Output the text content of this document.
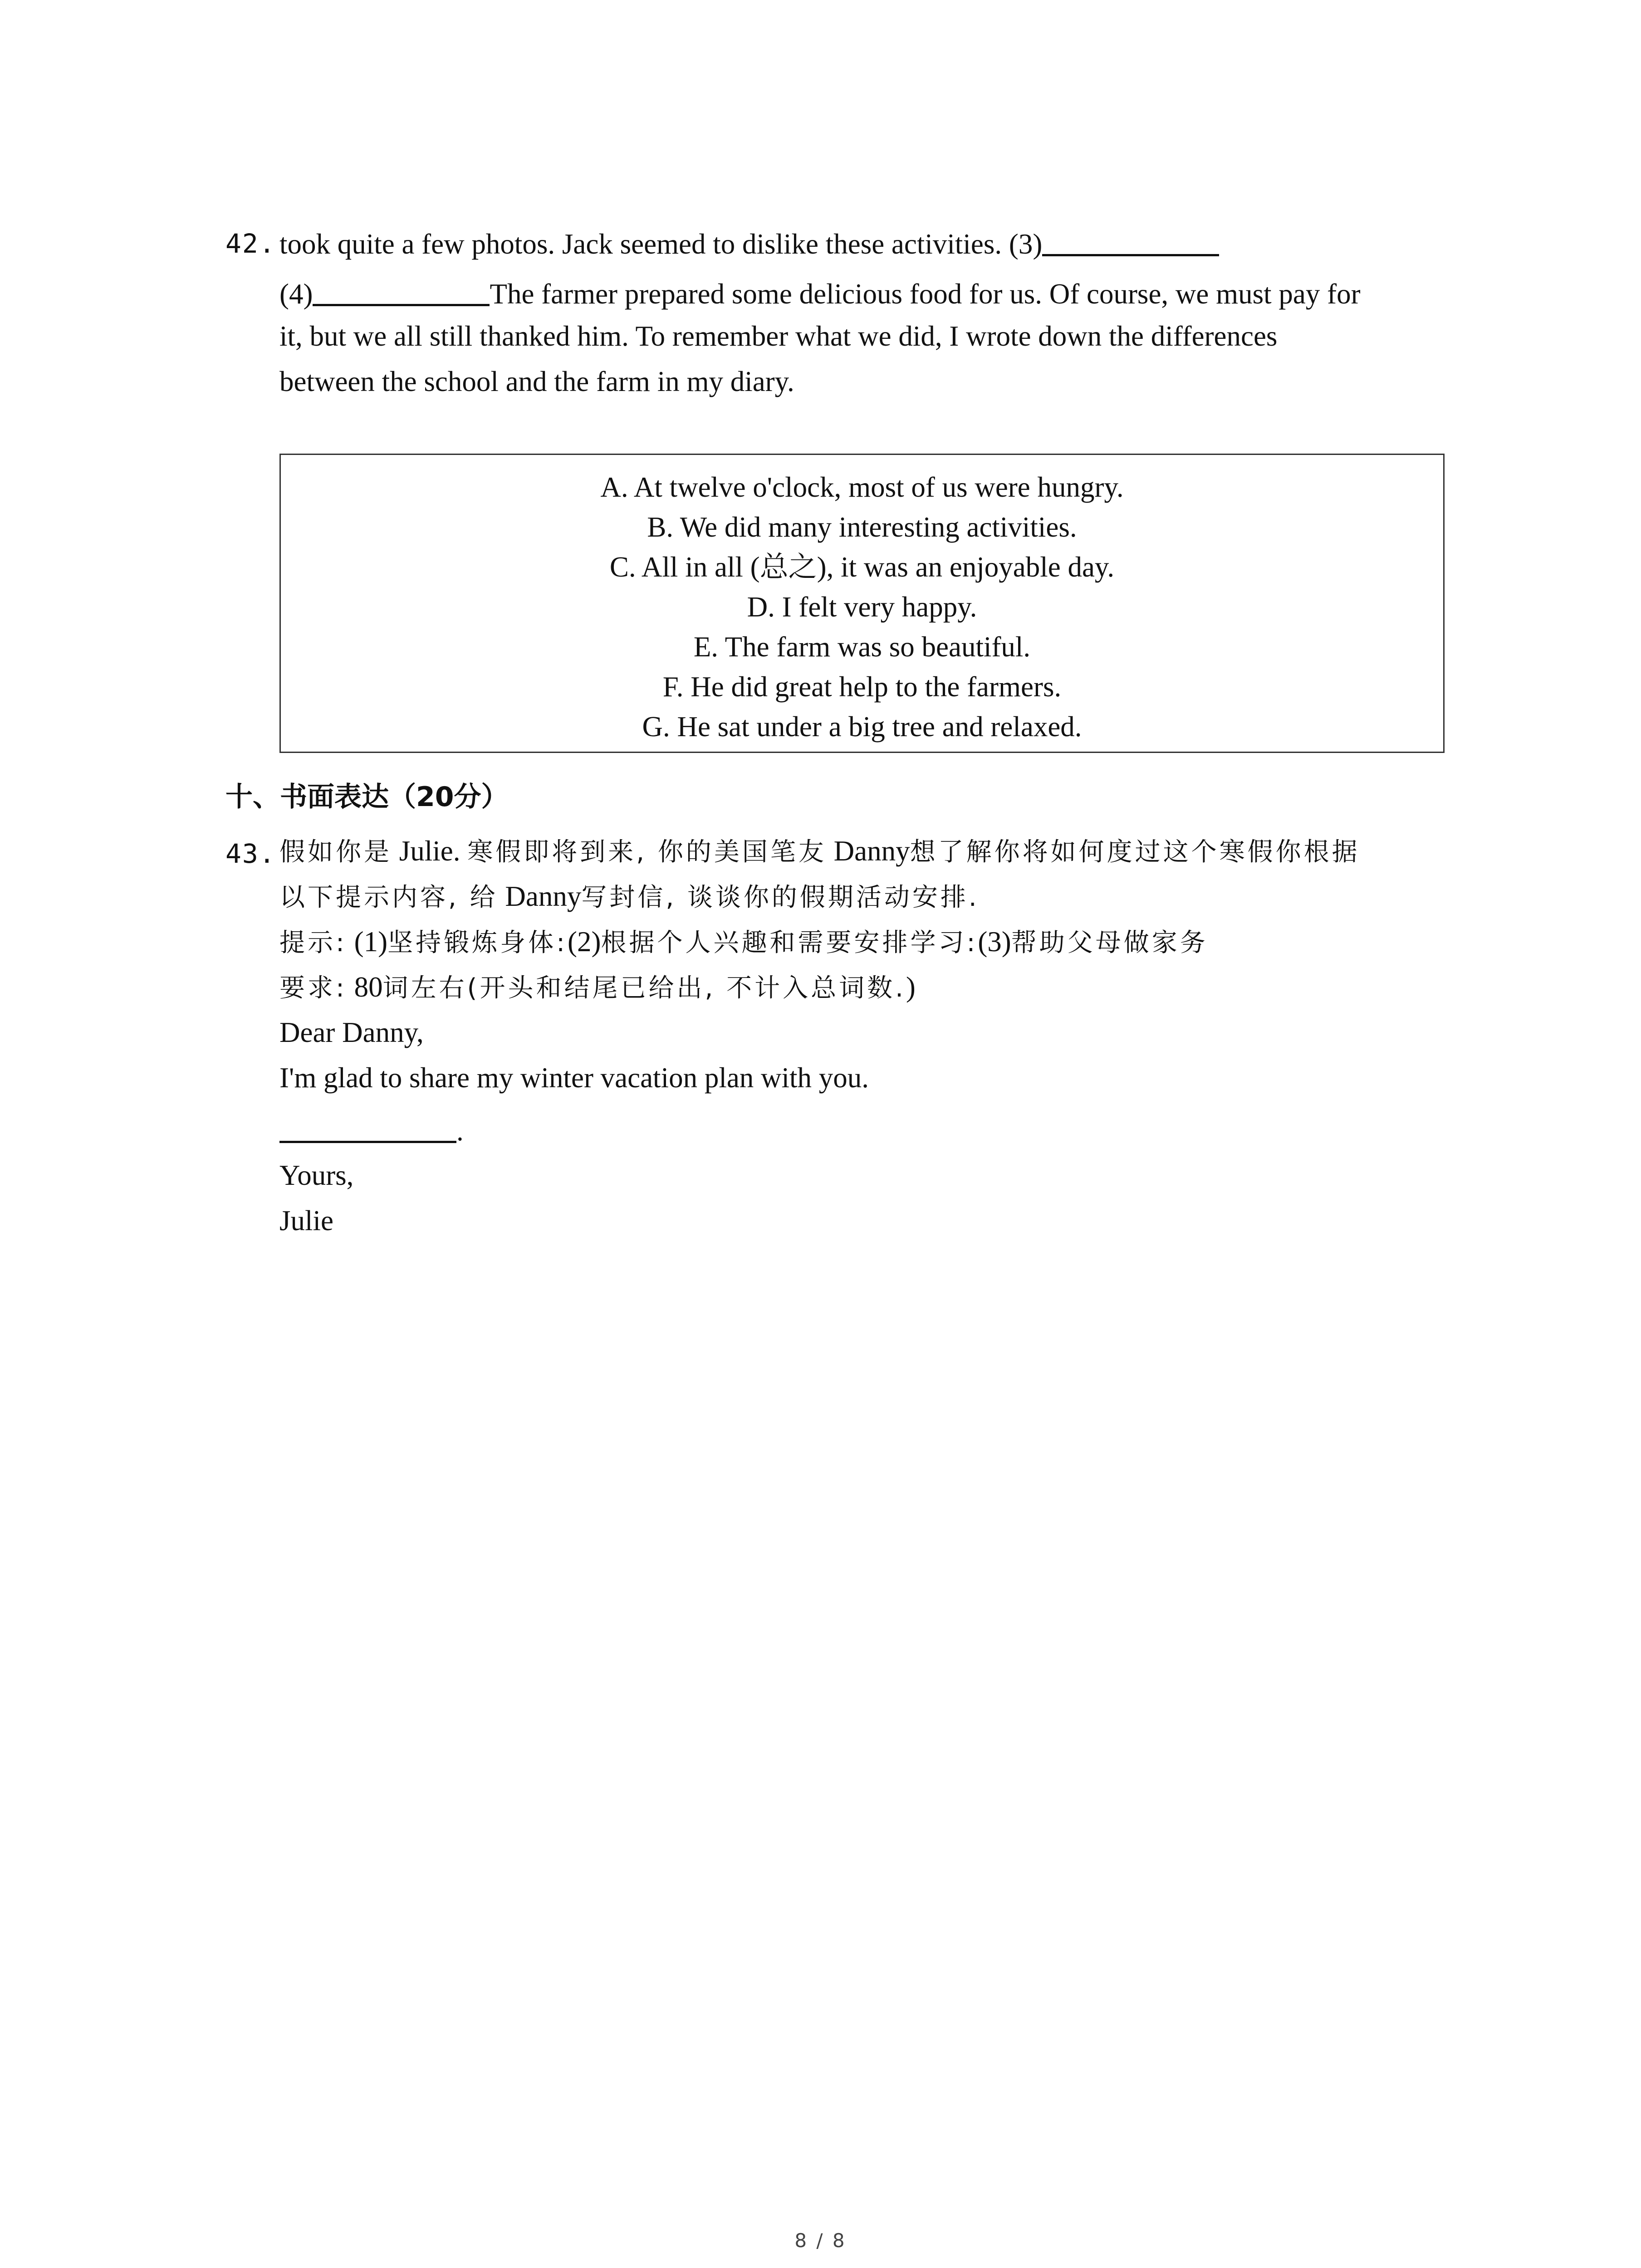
42. took quite a few photos. Jack seemed to dislike these activities. (3)
(4)	The farmer prepared some delicious food for us. Of course, we must pay for
it, but we all still thanked him. To remember what we did, I wrote down the differences
between the school and the farm in my diary.
A. At twelve o'clock, most of us were hungry.
B. We did many interesting activities.
C. All in all (总之), it was an enjoyable day.
D. I felt very happy.
E. The farm was so beautiful.
F. He did great help to the farmers.
G. He sat under a big tree and relaxed.
十、书面表达（20分）
43. 假如你是 Julie. 寒假即将到来, 你的美国笔友 Danny想了解你将如何度过这个寒假你根据
以下提示内容, 给 Danny写封信, 谈谈你的假期活动安排.
提示: (1)坚持锻炼身体:(2)根据个人兴趣和需要安排学习:(3)帮助父母做家务
要求: 80词左右(开头和结尾已给出, 不计入总词数.)
Dear Danny,
I'm glad to share my winter vacation plan with you.
.
Yours,
Julie
8 / 8
